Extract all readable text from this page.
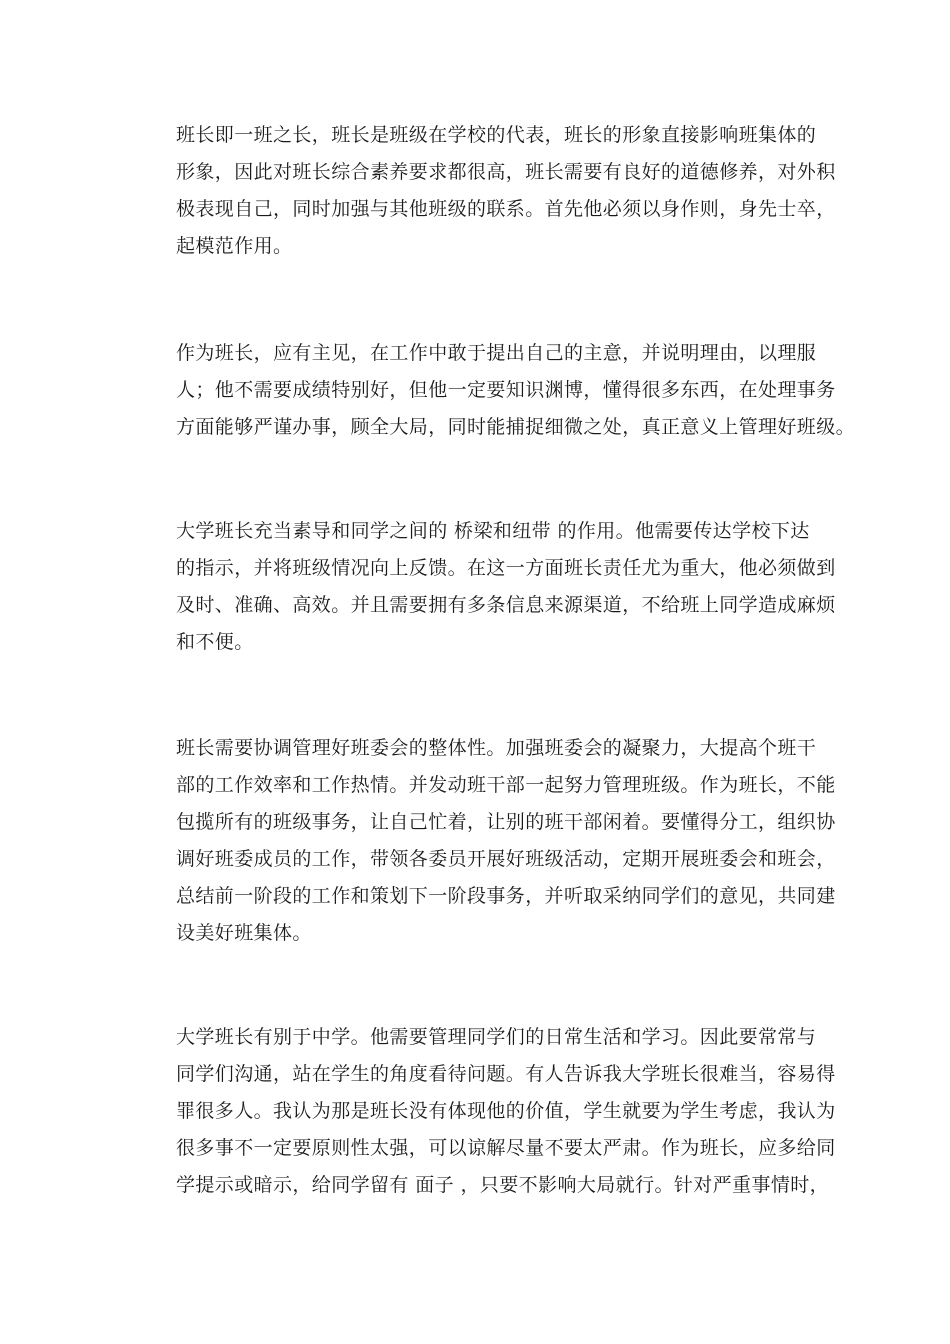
班长即一班之长，班长是班级在学校的代表，班长的形象直接影响班集体的
形象，因此对班长综合素养要求都很高，班长需要有良好的道德修养，对外积
极表现自己，同时加强与其他班级的联系。首先他必须以身作则，身先士卒，
起模范作用。

作为班长，应有主见，在工作中敢于提出自己的主意，并说明理由，以理服
人；他不需要成绩特别好，但他一定要知识渊博，懂得很多东西，在处理事务
方面能够严谨办事，顾全大局，同时能捕捉细微之处，真正意义上管理好班级。

大学班长充当素导和同学之间的 桥梁和纽带 的作用。他需要传达学校下达
的指示，并将班级情况向上反馈。在这一方面班长责任尤为重大，他必须做到
及时、准确、高效。并且需要拥有多条信息来源渠道，不给班上同学造成麻烦
和不便。

班长需要协调管理好班委会的整体性。加强班委会的凝聚力，大提高个班干
部的工作效率和工作热情。并发动班干部一起努力管理班级。作为班长，不能
包揽所有的班级事务，让自己忙着，让别的班干部闲着。要懂得分工，组织协
调好班委成员的工作，带领各委员开展好班级活动，定期开展班委会和班会，
总结前一阶段的工作和策划下一阶段事务，并听取采纳同学们的意见，共同建
设美好班集体。

大学班长有别于中学。他需要管理同学们的日常生活和学习。因此要常常与
同学们沟通，站在学生的角度看待问题。有人告诉我大学班长很难当，容易得
罪很多人。我认为那是班长没有体现他的价值，学生就要为学生考虑，我认为
很多事不一定要原则性太强，可以谅解尽量不要太严肃。作为班长，应多给同
学提示或暗示，给同学留有 面子 ，只要不影响大局就行。针对严重事情时，
